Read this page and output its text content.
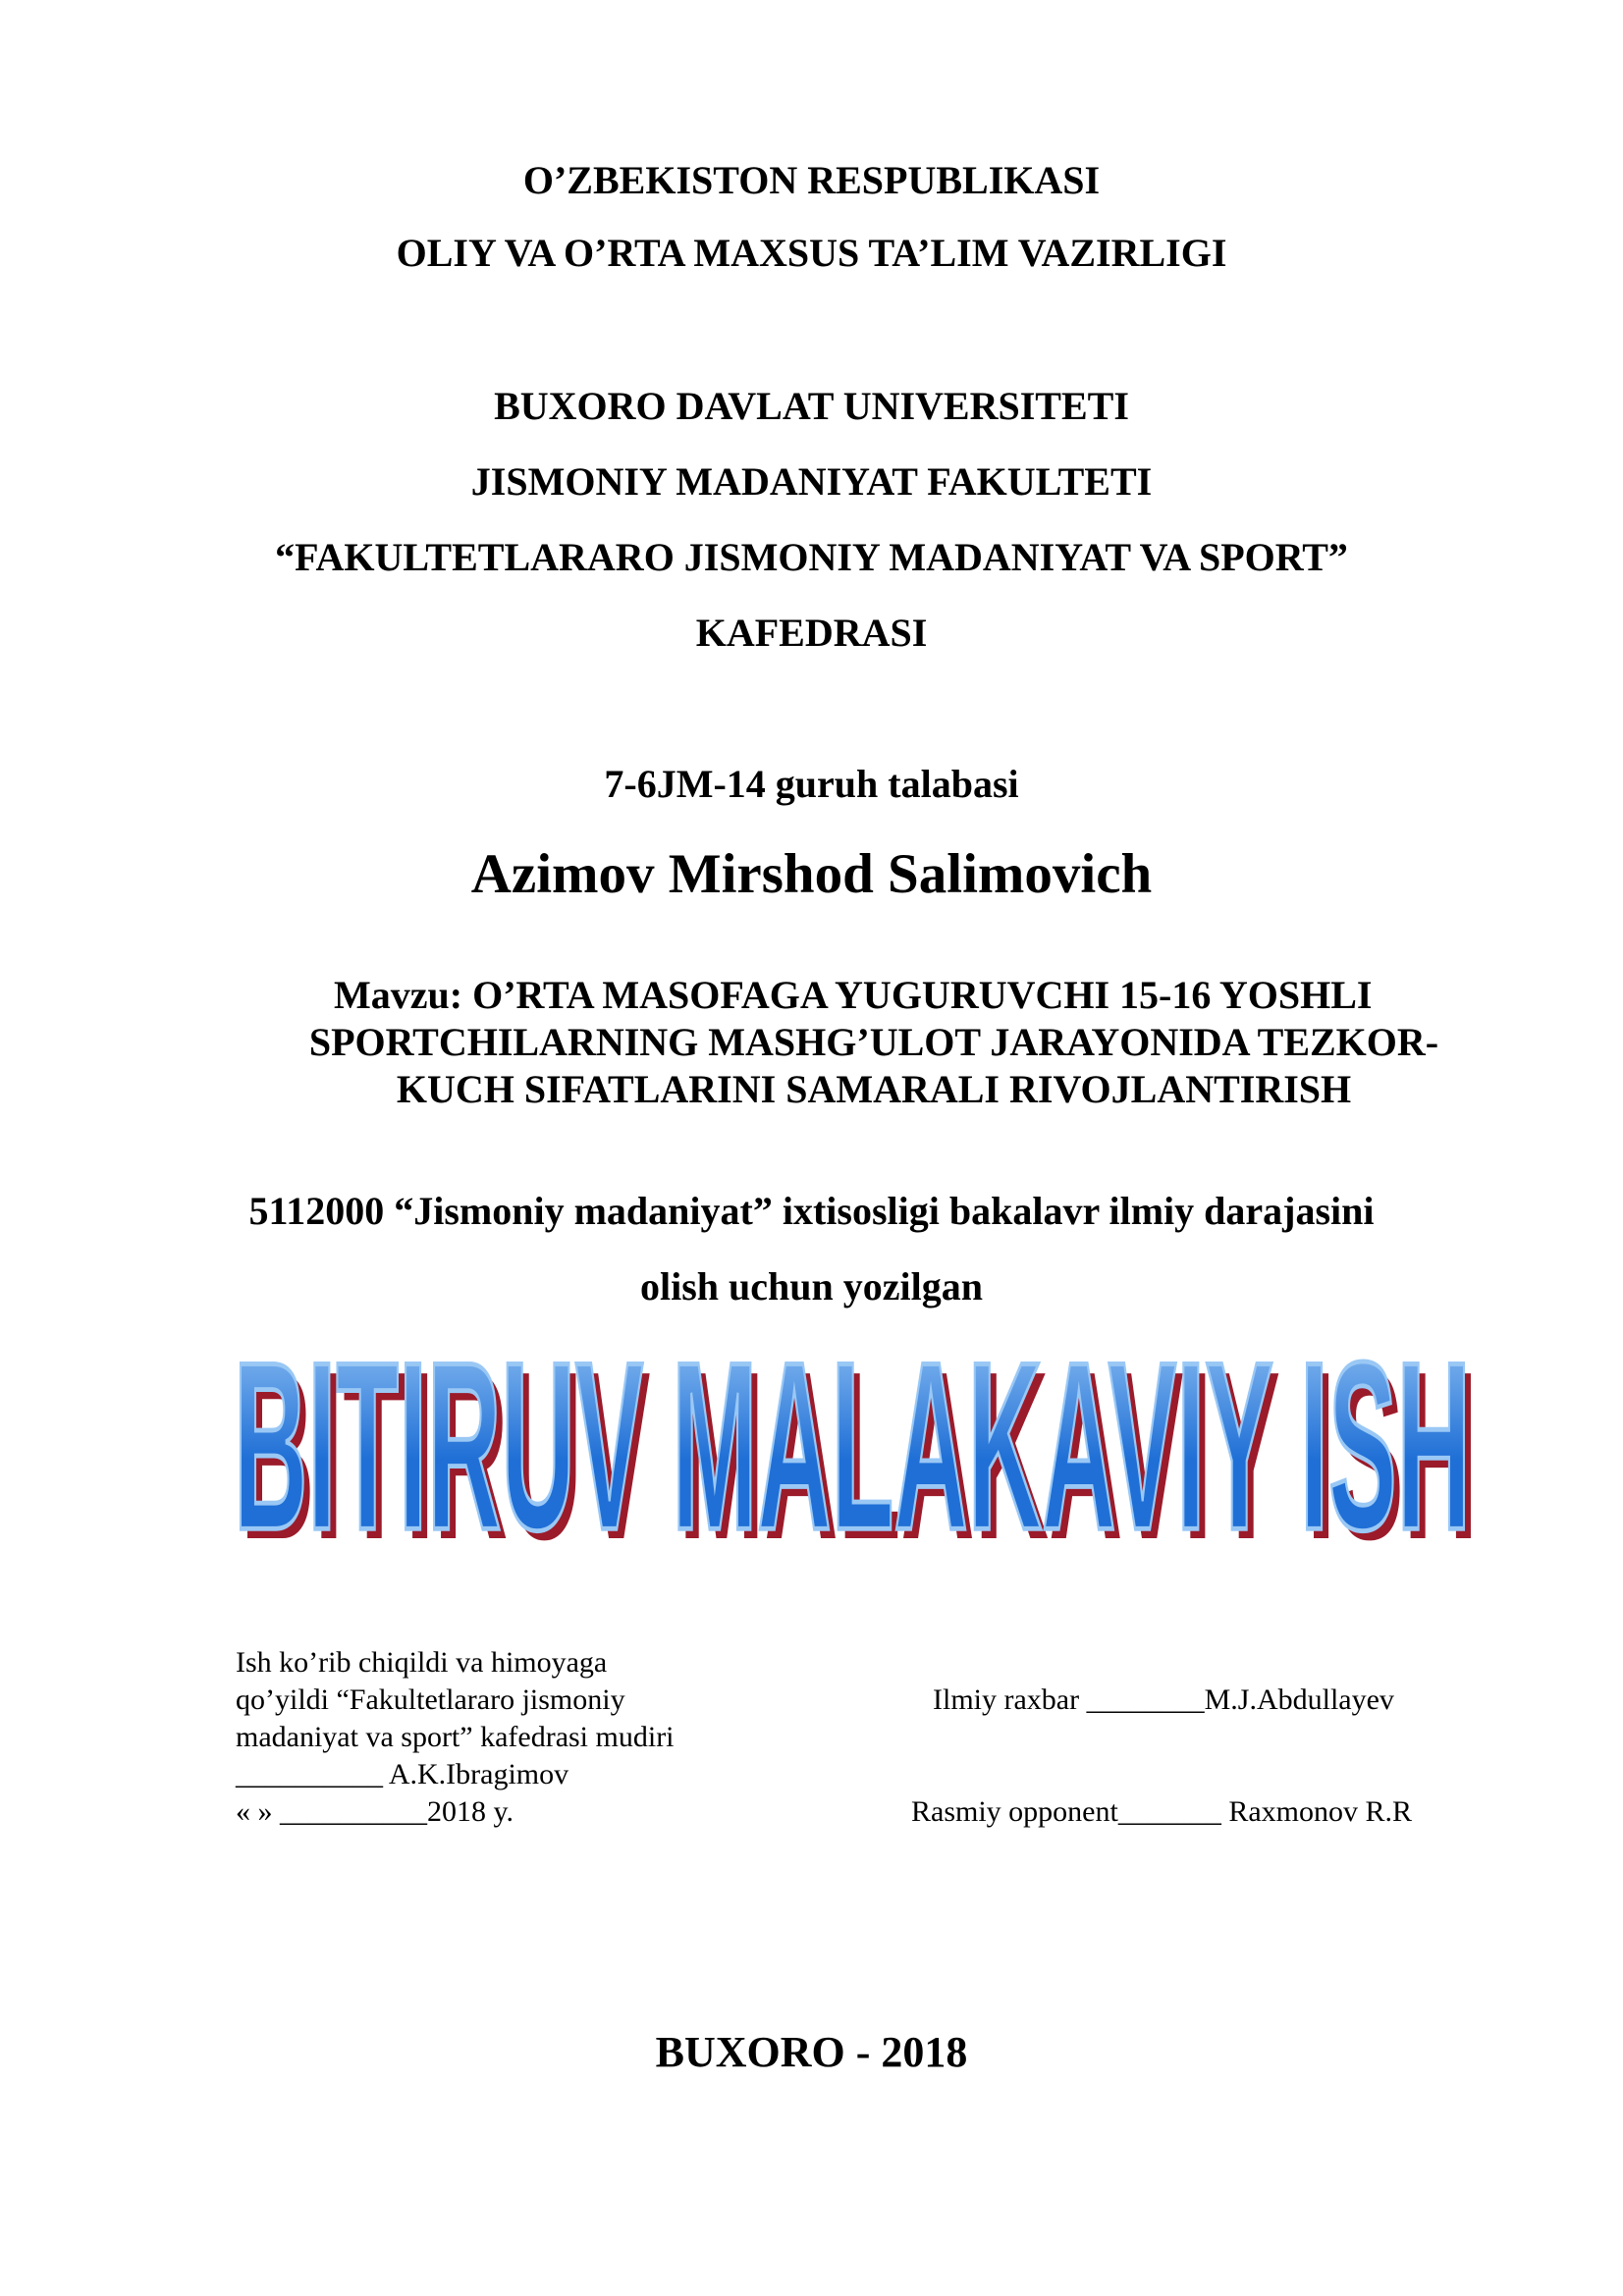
O’ZBEKISTON RESPUBLIKASI
OLIY VA O’RTA MAXSUS TA’LIM VAZIRLIGI
BUXORO DAVLAT UNIVERSITETI
JISMONIY MADANIYAT FAKULTETI
“FAKULTETLARARO JISMONIY MADANIYAT VA SPORT”
KAFEDRASI
7-6JM-14 guruh talabasi
Azimov Mirshod Salimovich
Mavzu: O’RTA MASOFAGA YUGURUVCHI 15-16 YOSHLI
SPORTCHILARNING MASHG’ULOT JARAYONIDA TEZKOR-
KUCH SIFATLARINI SAMARALI RIVOJLANTIRISH
5112000 “Jismoniy madaniyat” ixtisosligi bakalavr ilmiy darajasini
olish uchun yozilgan
BITIRUV MALAKAVIY ISH
BITIRUV MALAKAVIY ISH
Ish ko’rib chiqildi va himoyaga
qo’yildi “Fakultetlararo jismoniy
madaniyat va sport” kafedrasi mudiri
__________ A.K.Ibragimov
« » __________2018 y.
Ilmiy raxbar ________M.J.Abdullayev
Rasmiy opponent_______ Raxmonov R.R
BUXORO - 2018
